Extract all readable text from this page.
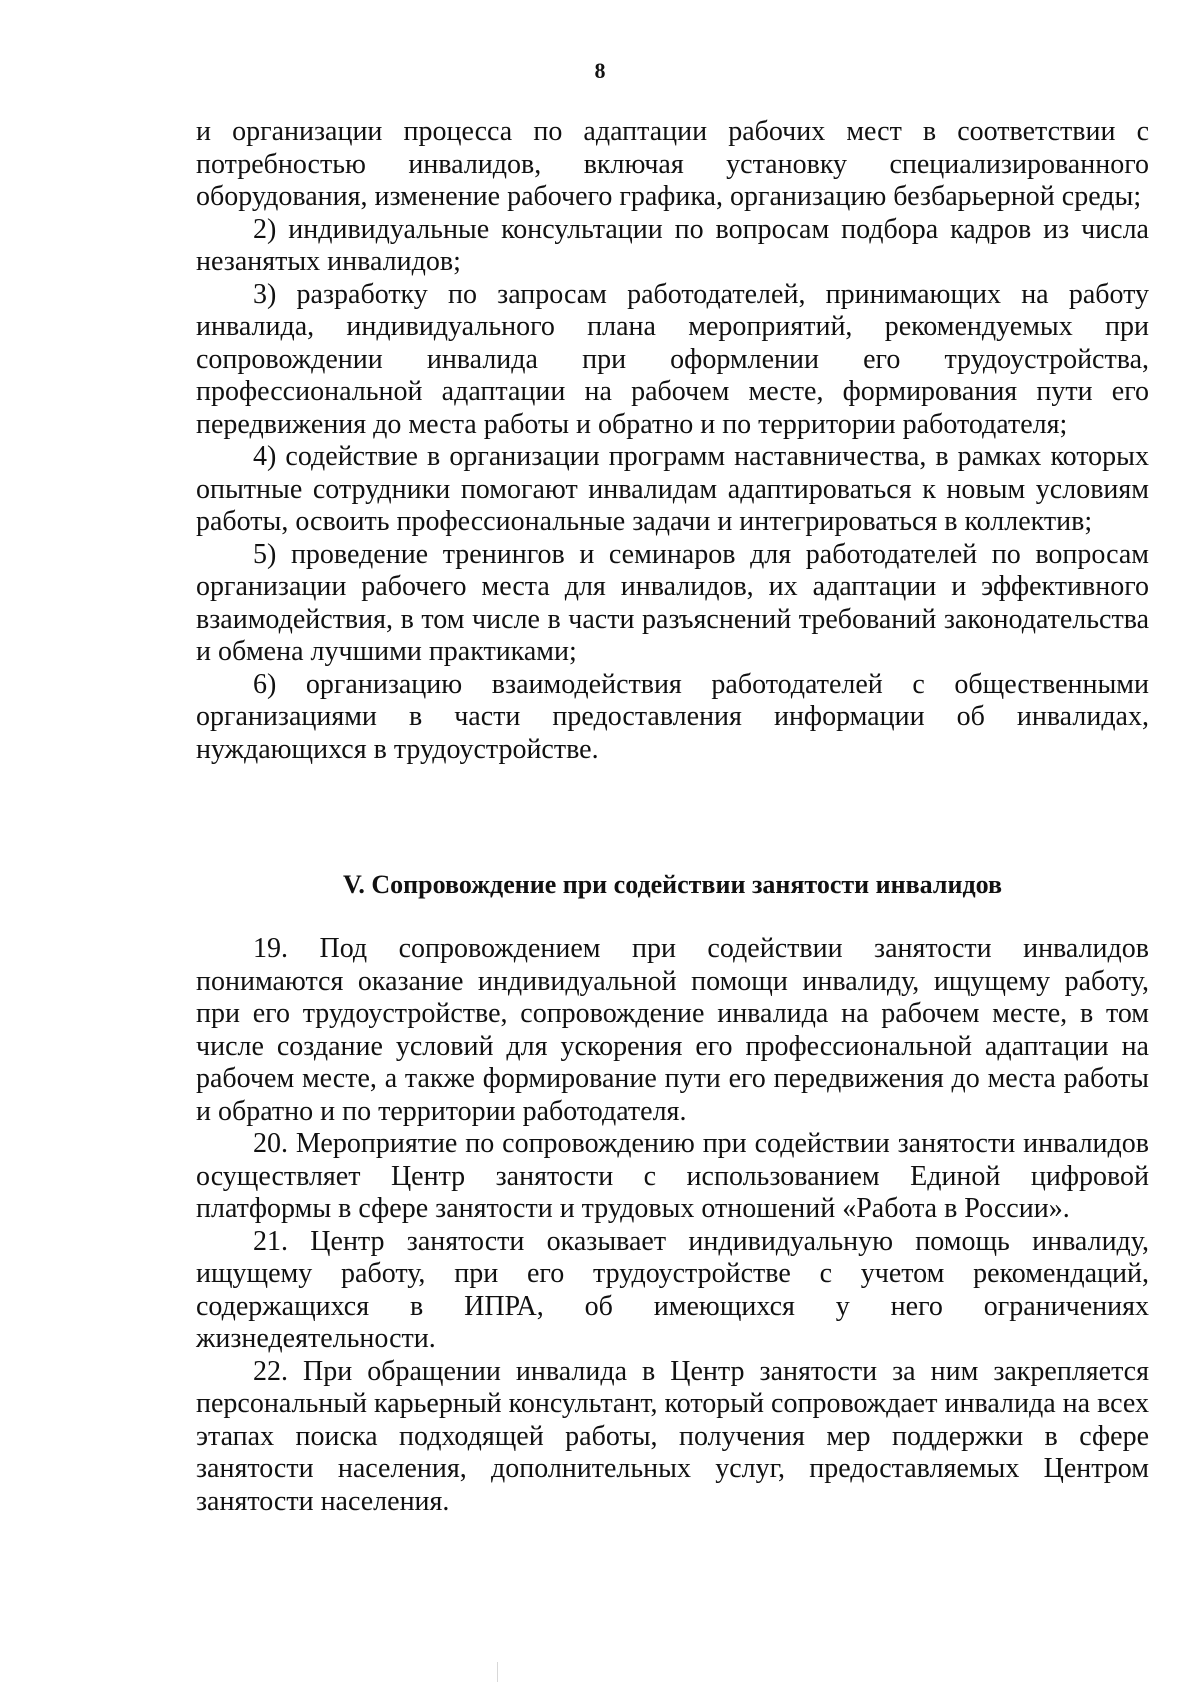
8

и организации процесса по адаптации рабочих мест в соответствии с потребностью инвалидов, включая установку специализированного оборудования, изменение рабочего графика, организацию безбарьерной среды;

2) индивидуальные консультации по вопросам подбора кадров из числа незанятых инвалидов;

3) разработку по запросам работодателей, принимающих на работу инвалида, индивидуального плана мероприятий, рекомендуемых при сопровождении инвалида при оформлении его трудоустройства, профессиональной адаптации на рабочем месте, формирования пути его передвижения до места работы и обратно и по территории работодателя;

4) содействие в организации программ наставничества, в рамках которых опытные сотрудники помогают инвалидам адаптироваться к новым условиям работы, освоить профессиональные задачи и интегрироваться в коллектив;

5) проведение тренингов и семинаров для работодателей по вопросам организации рабочего места для инвалидов, их адаптации и эффективного взаимодействия, в том числе в части разъяснений требований законодательства и обмена лучшими практиками;

6) организацию взаимодействия работодателей с общественными организациями в части предоставления информации об инвалидах, нуждающихся в трудоустройстве.

V. Сопровождение при содействии занятости инвалидов

19. Под сопровождением при содействии занятости инвалидов понимаются оказание индивидуальной помощи инвалиду, ищущему работу, при его трудоустройстве, сопровождение инвалида на рабочем месте, в том числе создание условий для ускорения его профессиональной адаптации на рабочем месте, а также формирование пути его передвижения до места работы и обратно и по территории работодателя.

20. Мероприятие по сопровождению при содействии занятости инвалидов осуществляет Центр занятости с использованием Единой цифровой платформы в сфере занятости и трудовых отношений «Работа в России».

21. Центр занятости оказывает индивидуальную помощь инвалиду, ищущему работу, при его трудоустройстве с учетом рекомендаций, содержащихся в ИПРА, об имеющихся у него ограничениях жизнедеятельности.

22. При обращении инвалида в Центр занятости за ним закрепляется персональный карьерный консультант, который сопровождает инвалида на всех этапах поиска подходящей работы, получения мер поддержки в сфере занятости населения, дополнительных услуг, предоставляемых Центром занятости населения.
